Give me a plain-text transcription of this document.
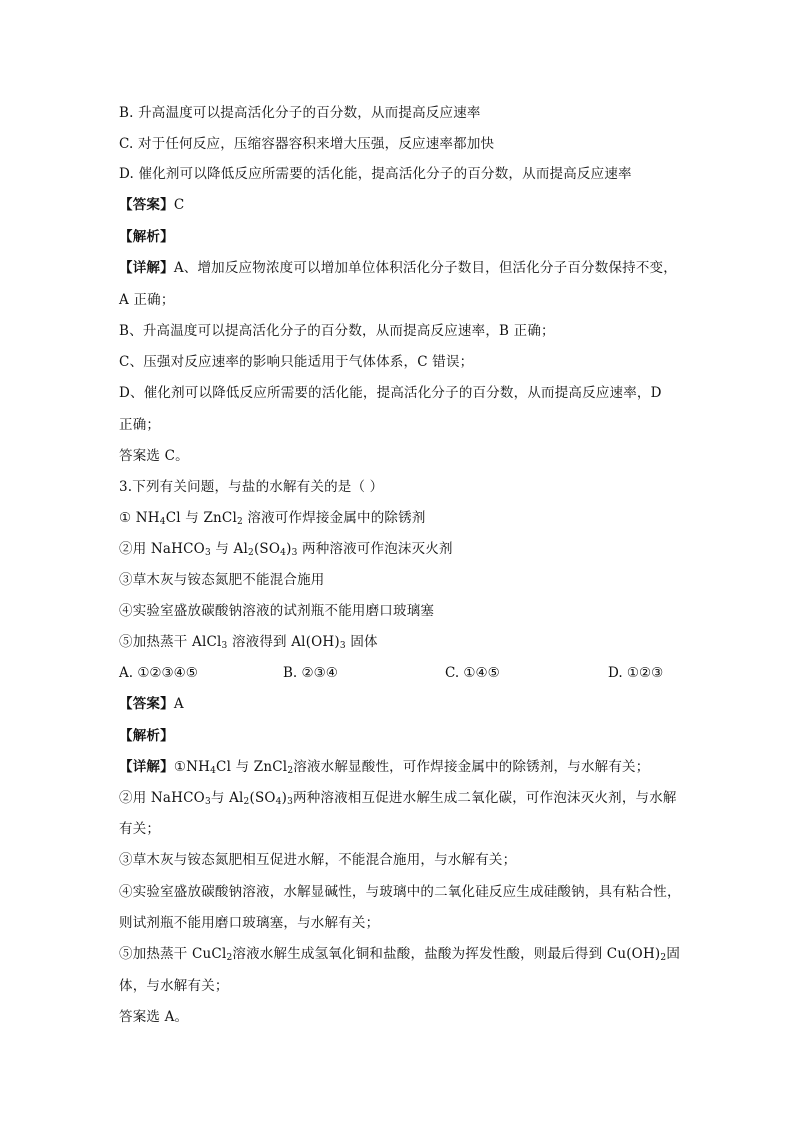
B. 升高温度可以提高活化分子的百分数，从而提高反应速率
C. 对于任何反应，压缩容器容积来增大压强，反应速率都加快
D. 催化剂可以降低反应所需要的活化能，提高活化分子的百分数，从而提高反应速率
【答案】C
【解析】
【详解】A、增加反应物浓度可以增加单位体积活化分子数目，但活化分子百分数保持不变，
A 正确；
B、升高温度可以提高活化分子的百分数，从而提高反应速率，B 正确；
C、压强对反应速率的影响只能适用于气体体系，C 错误；
D、催化剂可以降低反应所需要的活化能，提高活化分子的百分数，从而提高反应速率，D
正确；
答案选 C。
3.下列有关问题，与盐的水解有关的是（ ）
① $NH_4Cl$ 与 ZnCl$_2$ 溶液可作焊接金属中的除锈剂
②用 NaHCO$_3$ 与 $Al_2(SO_4)_3$ 两种溶液可作泡沫灭火剂
③草木灰与铵态氮肥不能混合施用
④实验室盛放碳酸钠溶液的试剂瓶不能用磨口玻璃塞
⑤加热蒸干 AlCl$_3$ 溶液得到 $Al(OH)_3$ 固体
A. ①②③④⑤	B. ②③④	C. ①④⑤	D. ①②③
【答案】A
【解析】
【详解】$①NH_4Cl$ 与 ZnCl$_2$溶液水解显酸性，可作焊接金属中的除锈剂，与水解有关；
②用 NaHCO$_3$与 $Al_2(SO_4)_3$两种溶液相互促进水解生成二氧化碳，可作泡沫灭火剂，与水解
有关；
③草木灰与铵态氮肥相互促进水解，不能混合施用，与水解有关；
④实验室盛放碳酸钠溶液，水解显碱性，与玻璃中的二氧化硅反应生成硅酸钠，具有粘合性，
则试剂瓶不能用磨口玻璃塞，与水解有关；
⑤加热蒸干 CuCl$_2$溶液水解生成氢氧化铜和盐酸，盐酸为挥发性酸，则最后得到 $Cu(OH)_2$固
体，与水解有关；
答案选 A。
